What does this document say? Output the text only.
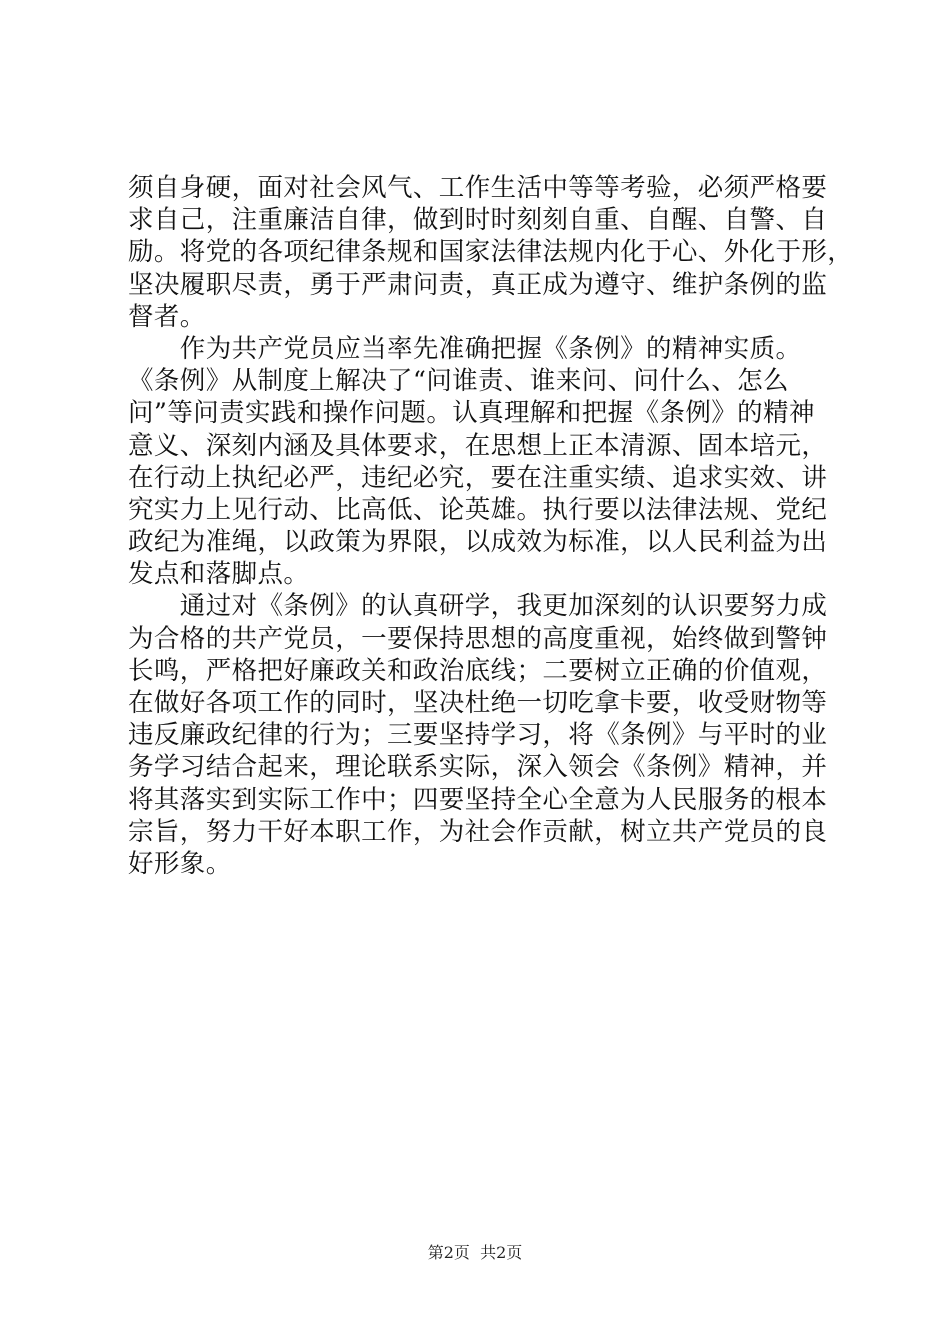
须自身硬，面对社会风气、工作生活中等等考验，必须严格要
求自己，注重廉洁自律，做到时时刻刻自重、自醒、自警、自
励。将党的各项纪律条规和国家法律法规内化于心、外化于形，
坚决履职尽责，勇于严肃问责，真正成为遵守、维护条例的监
督者。
　　作为共产党员应当率先准确把握《条例》的精神实质。
《条例》从制度上解决了“问谁责、谁来问、问什么、怎么
问”等问责实践和操作问题。认真理解和把握《条例》的精神
意义、深刻内涵及具体要求，在思想上正本清源、固本培元，
在行动上执纪必严，违纪必究，要在注重实绩、追求实效、讲
究实力上见行动、比高低、论英雄。执行要以法律法规、党纪
政纪为准绳，以政策为界限，以成效为标准，以人民利益为出
发点和落脚点。
　　通过对《条例》的认真研学，我更加深刻的认识要努力成
为合格的共产党员，一要保持思想的高度重视，始终做到警钟
长鸣，严格把好廉政关和政治底线；二要树立正确的价值观，
在做好各项工作的同时，坚决杜绝一切吃拿卡要，收受财物等
违反廉政纪律的行为；三要坚持学习，将《条例》与平时的业
务学习结合起来，理论联系实际，深入领会《条例》精神，并
将其落实到实际工作中；四要坚持全心全意为人民服务的根本
宗旨，努力干好本职工作，为社会作贡献，树立共产党员的良
好形象。
第2页  共2页
